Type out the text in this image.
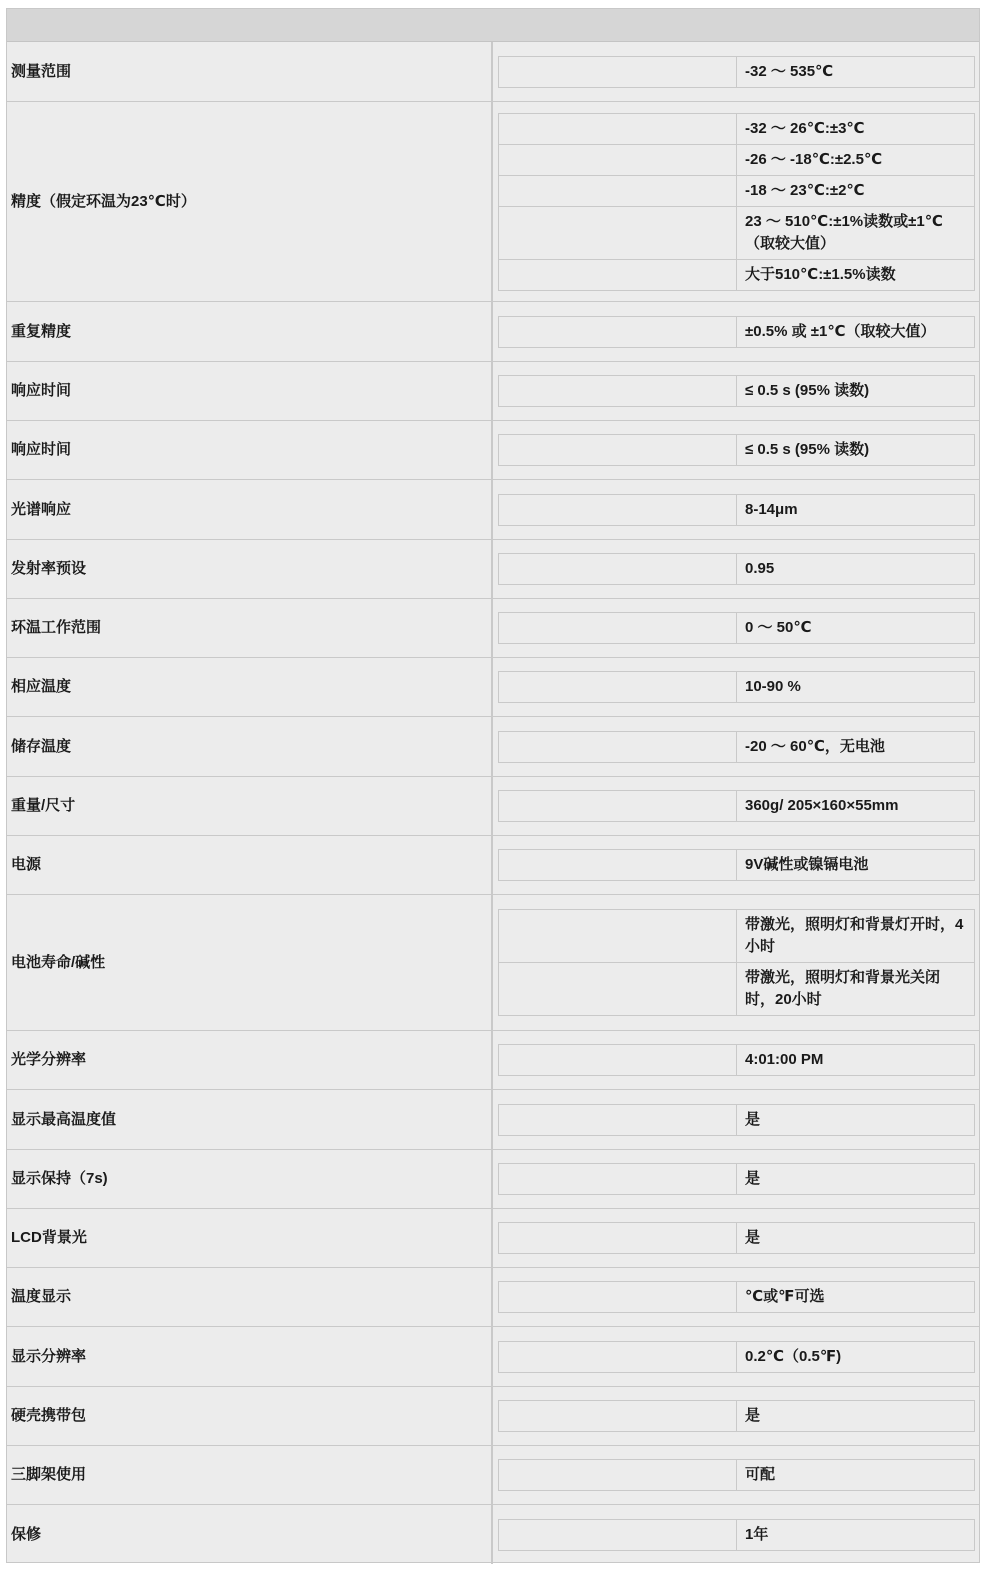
测量范围	-32 ～ 535℃
精度（假定环温为23℃时）
-32 ～ 26℃:±3℃
-26 ～ -18℃:±2.5℃
-18 ～ 23℃:±2℃
23 ～ 510℃:±1%读数或±1℃（取较大值）
大于510℃:±1.5%读数
重复精度	±0.5% 或 ±1℃（取较大值）
响应时间	≤ 0.5 s (95% 读数)
响应时间	≤ 0.5 s (95% 读数)
光谱响应	8-14μm
发射率预设	0.95
环温工作范围	0 ～ 50℃
相应温度	10-90 %
储存温度	-20 ～ 60℃，无电池
重量/尺寸	360g/ 205×160×55mm
电源	9V碱性或镍镉电池
电池寿命/碱性
带激光，照明灯和背景灯开时，4小时
带激光，照明灯和背景光关闭时，20小时
光学分辨率	4:01:00 PM
显示最高温度值	是
显示保持（7s)	是
LCD背景光	是
温度显示	℃或℉可选
显示分辨率	0.2℃（0.5℉)
硬壳携带包	是
三脚架使用	可配
保修	1年
